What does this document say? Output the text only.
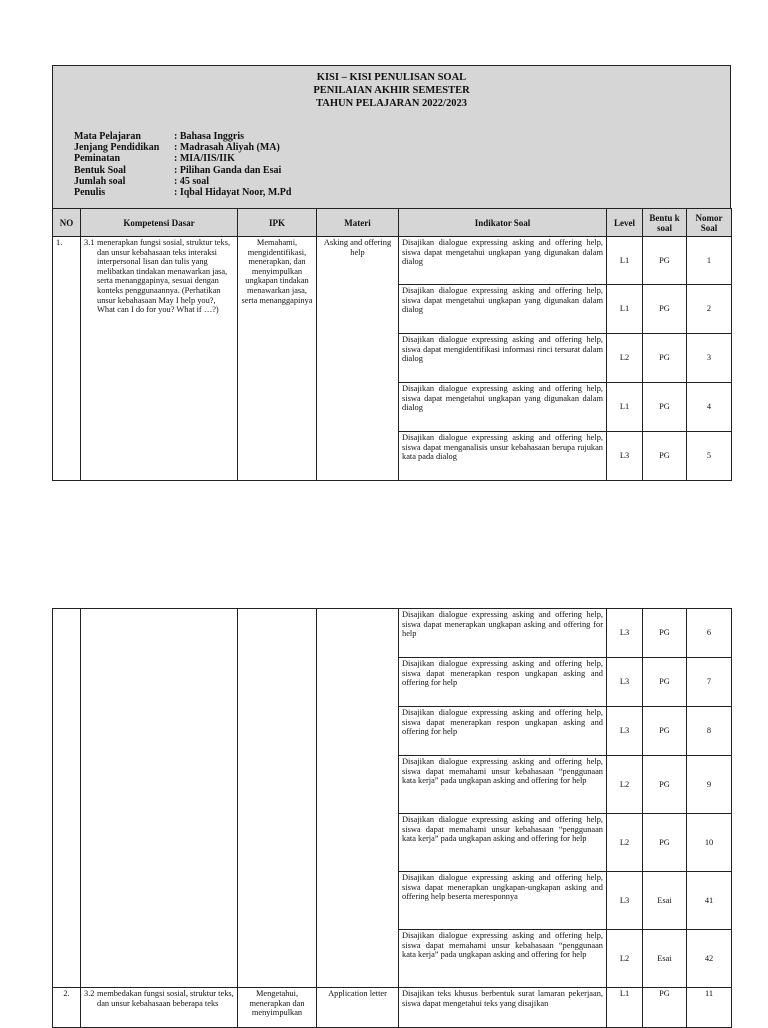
KISI – KISI PENULISAN SOAL
PENILAIAN AKHIR SEMESTER
TAHUN PELAJARAN 2022/2023
Mata Pelajaran	: Bahasa Inggris
Jenjang Pendidikan	: Madrasah Aliyah (MA)
Peminatan	: MIA/IIS/IIK
Bentuk Soal	: Pilihan Ganda dan Esai
Jumlah soal	: 45 soal
Penulis	: Iqbal Hidayat Noor, M.Pd
NO	Kompetensi Dasar	IPK	Materi	Indikator Soal	Level	Bentu k soal	Nomor Soal
1.	3.1 menerapkan fungsi sosial, struktur teks, dan unsur kebahasaan teks interaksi interpersonal lisan dan tulis yang melibatkan tindakan menawarkan jasa, serta menanggapinya, sesuai dengan konteks penggunaannya. (Perhatikan unsur kebahasaan May I help you?, What can I do for you? What if …?)	Memahami, mengidentifikasi, menerapkan, dan menyimpulkan ungkapan tindakan menawarkan jasa, serta menanggapinya	Asking and offering help	Disajikan dialogue expressing asking and offering help, siswa dapat mengetahui ungkapan yang digunakan dalam dialog	L1	PG	1
				Disajikan dialogue expressing asking and offering help, siswa dapat mengetahui ungkapan yang digunakan dalam dialog	L1	PG	2
				Disajikan dialogue expressing asking and offering help, siswa dapat mengidentifikasi informasi rinci tersurat dalam dialog	L2	PG	3
				Disajikan dialogue expressing asking and offering help, siswa dapat mengetahui ungkapan yang digunakan dalam dialog	L1	PG	4
				Disajikan dialogue expressing asking and offering help, siswa dapat menganalisis unsur kebahasaan berupa rujukan kata pada dialog	L3	PG	5
				Disajikan dialogue expressing asking and offering help, siswa dapat menerapkan ungkapan asking and offering for help	L3	PG	6
				Disajikan dialogue expressing asking and offering help, siswa dapat menerapkan respon ungkapan asking and offering for help	L3	PG	7
				Disajikan dialogue expressing asking and offering help, siswa dapat menerapkan respon ungkapan asking and offering for help	L3	PG	8
				Disajikan dialogue expressing asking and offering help, siswa dapat memahami unsur kebahasaan “penggunaan kata kerja” pada ungkapan asking and offering for help	L2	PG	9
				Disajikan dialogue expressing asking and offering help, siswa dapat memahami unsur kebahasaan “penggunaan kata kerja” pada ungkapan asking and offering for help	L2	PG	10
				Disajikan dialogue expressing asking and offering help, siswa dapat menerapkan ungkapan-ungkapan asking and offering help beserta meresponnya	L3	Esai	41
				Disajikan dialogue expressing asking and offering help, siswa dapat memahami unsur kebahasaan “penggunaan kata kerja” pada ungkapan asking and offering for help	L2	Esai	42
2.	3.2 membedakan fungsi sosial, struktur teks, dan unsur kebahasaan beberapa teks	Mengetahui, menerapkan dan menyimpulkan	Application letter	Disajikan teks khusus berbentuk surat lamaran pekerjaan, siswa dapat mengetahui teks yang disajikan	L1	PG	11
